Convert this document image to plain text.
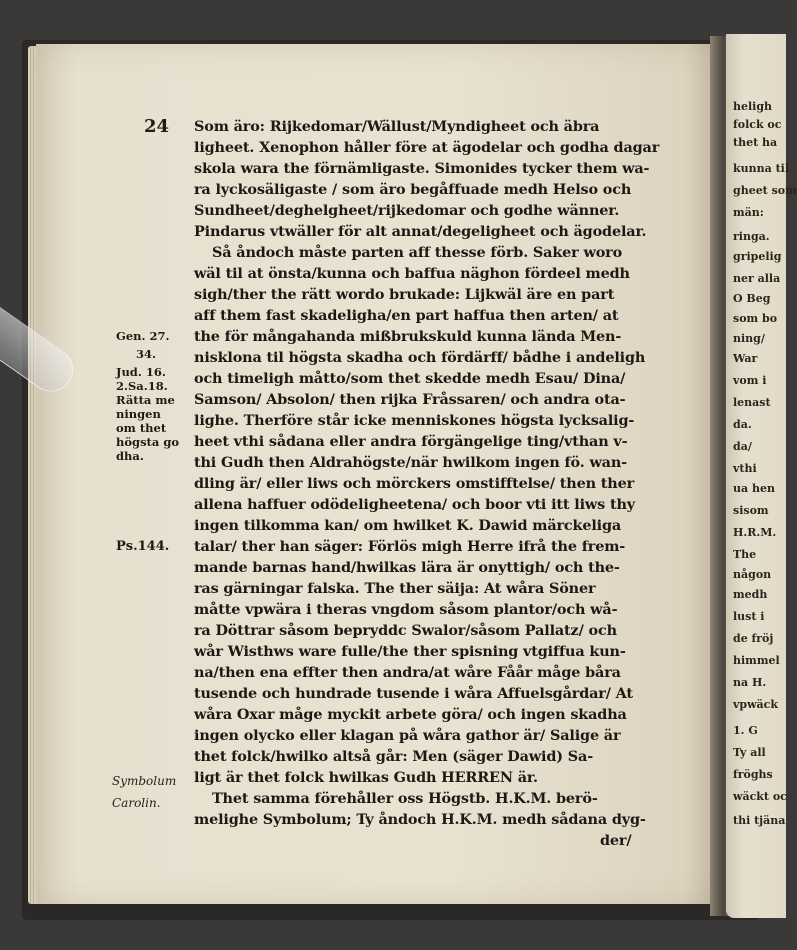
heligh
folck oc
thet ha
kunna til
gheet som
män:
ringa.
gripelig
ner alla
O Beg
som bo
ning/
War
vom i
lenast
da.
da/
vthi
ua hen
sisom
H.R.M.
The
någon
medh
lust i
de fröj
himmel
na H.
vpwäck
1. G
Ty all
fröghs
wäckt oc
thi tjäna
24 Som äro: Rijkedomar/Wällust/Myndigheet och äbra
ligheet. Xenophon håller före at ägodelar och godha dagar
skola wara the förnämligaste. Simonides tycker them wa-
ra lyckosäligaste / som äro begåffuade medh Helso och
Sundheet/deghelgheet/rijkedomar och godhe wänner.
Pindarus vtwäller för alt annat/degeligheet och ägodelar.
Så åndoch måste parten aff thesse förb. Saker woro
wäl til at önsta/kunna och baffua näghon fördeel medh
sigh/ther the rätt wordo brukade: Lijkwäl äre en part
aff them fast skadeligha/en part haffua then arten/ at
the för mångahanda mißbrukskuld kunna lända Men-
nisklona til högsta skadha och fördärff/ bådhe i andeligh
och timeligh måtto/som thet skedde medh Esau/ Dina/
Samson/ Absolon/ then rijka Fråssaren/ och andra ota-
lighe. Therföre står icke menniskones högsta lycksalig-
heet vthi sådana eller andra förgängelige ting/vthan v-
thi Gudh then Aldrahögste/när hwilkom ingen fö. wan-
dling är/ eller liws och mörckers omstifftelse/ then ther
allena haffuer odödeligheetena/ och boor vti itt liws thy
ingen tilkomma kan/ om hwilket K. Dawid märckeliga
talar/ ther han säger: Förlös migh Herre ifrå the frem-
mande barnas hand/hwilkas lära är onyttigh/ och the-
ras gärningar falska. The ther säija: At wåra Söner
måtte vpwära i theras vngdom såsom plantor/och wå-
ra Döttrar såsom bepryddc Swalor/såsom Pallatz/ och
wår Wisthws ware fulle/the ther spisning vtgiffua kun-
na/then ena effter then andra/at wåre Fåår måge båra
tusende och hundrade tusende i wåra Affuelsgårdar/ At
wåra Oxar måge myckit arbete göra/ och ingen skadha
ingen olycko eller klagan på wåra gathor är/ Salige är
thet folck/hwilko altså går: Men (säger Dawid) Sa-
ligt är thet folck hwilkas Gudh HERREN är.
Thet samma förehåller oss Högstb. H.K.M. berö-
melighe Symbolum; Ty åndoch H.K.M. medh sådana dyg-
der/
Gen. 27.
34.
Jud. 16.
2.Sa.18.
Rätta me
ningen
om thet
högsta go
dha.
Ps.144.
Symbolum
Carolin.
